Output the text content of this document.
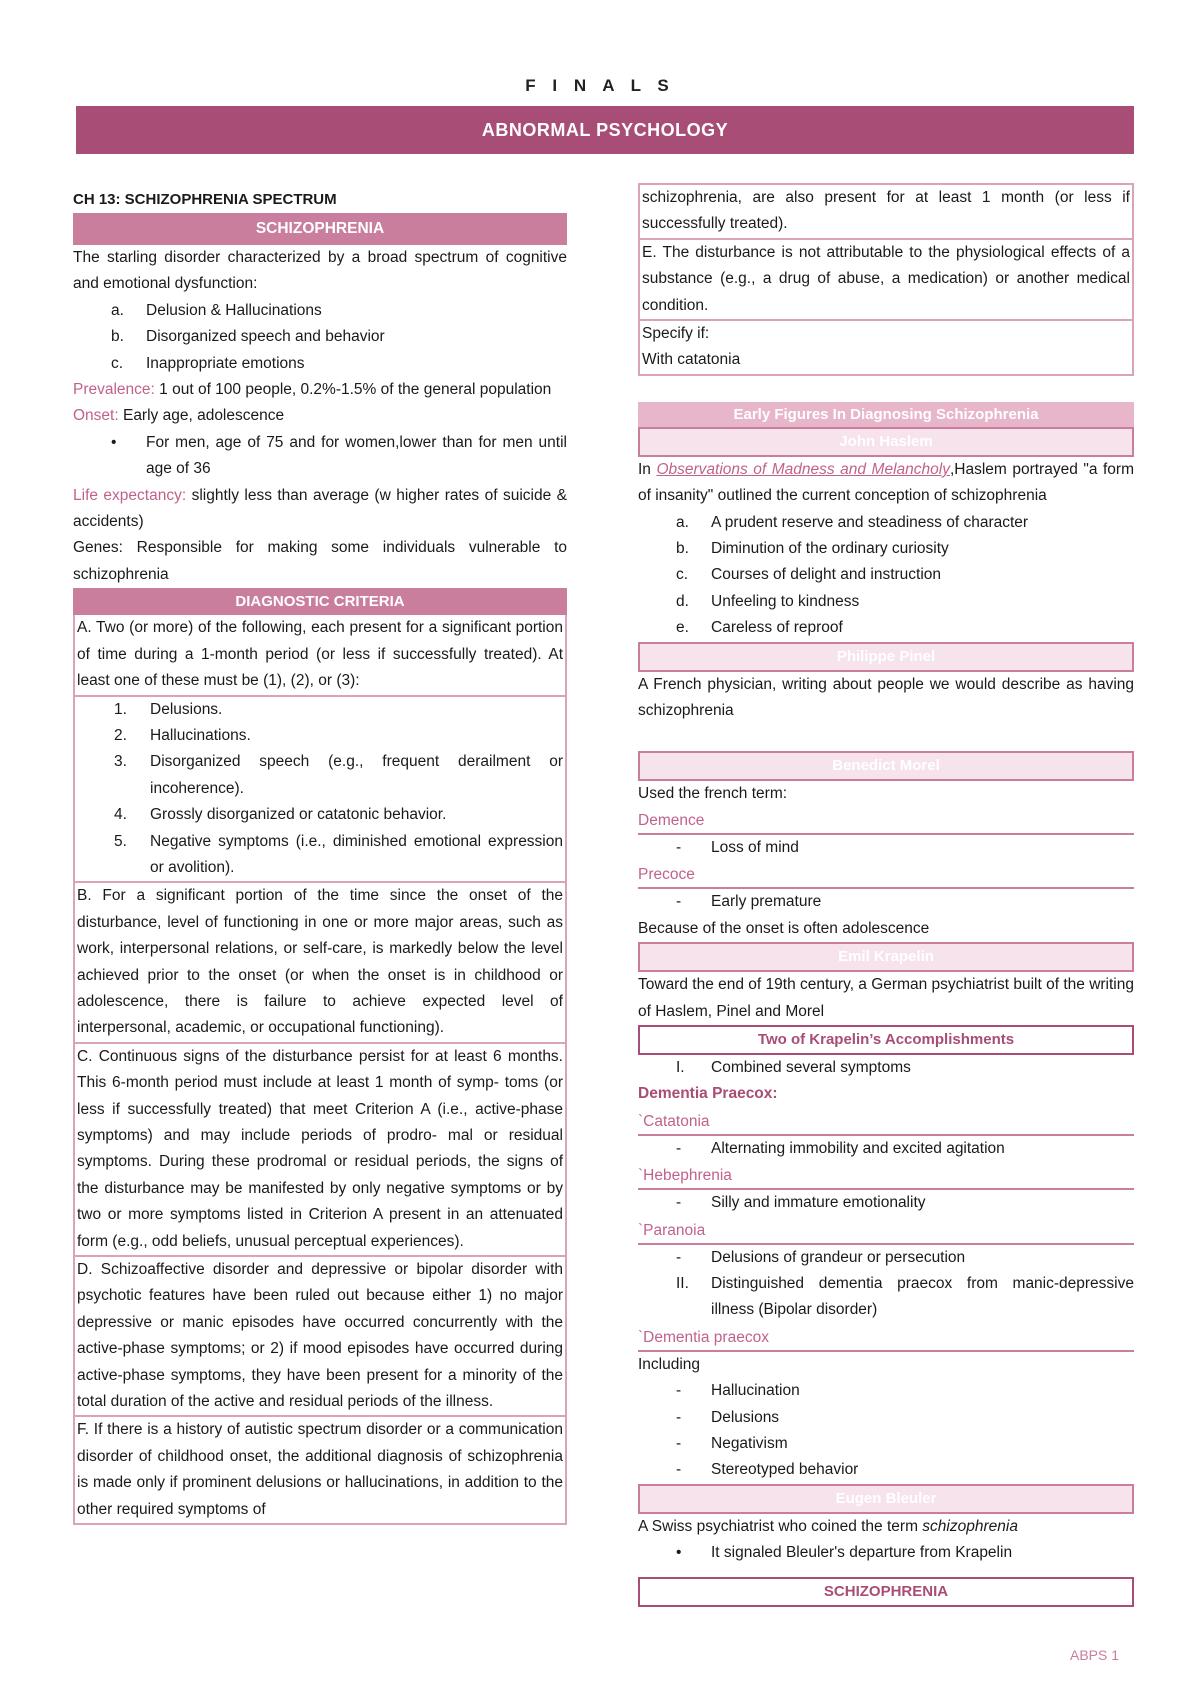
F I N A L S
ABNORMAL PSYCHOLOGY
CH 13: SCHIZOPHRENIA SPECTRUM
SCHIZOPHRENIA
The starling disorder characterized by a broad spectrum of cognitive and emotional dysfunction:
a. Delusion & Hallucinations
b. Disorganized speech and behavior
c. Inappropriate emotions
Prevalence: 1 out of 100 people, 0.2%-1.5% of the general population
Onset: Early age, adolescence
• For men, age of 75 and for women,lower than for men until age of 36
Life expectancy: slightly less than average (w higher rates of suicide & accidents)
Genes: Responsible for making some individuals vulnerable to schizophrenia
DIAGNOSTIC CRITERIA
A. Two (or more) of the following, each present for a significant portion of time during a 1-month period (or less if successfully treated). At least one of these must be (1), (2), or (3):
1. Delusions.
2. Hallucinations.
3. Disorganized speech (e.g., frequent derailment or incoherence).
4. Grossly disorganized or catatonic behavior.
5. Negative symptoms (i.e., diminished emotional expression or avolition).
B. For a significant portion of the time since the onset of the disturbance, level of functioning in one or more major areas, such as work, interpersonal relations, or self-care, is markedly below the level achieved prior to the onset (or when the onset is in childhood or adolescence, there is failure to achieve expected level of interpersonal, academic, or occupational functioning).
C. Continuous signs of the disturbance persist for at least 6 months. This 6-month period must include at least 1 month of symp- toms (or less if successfully treated) that meet Criterion A (i.e., active-phase symptoms) and may include periods of prodro- mal or residual symptoms. During these prodromal or residual periods, the signs of the disturbance may be manifested by only negative symptoms or by two or more symptoms listed in Criterion A present in an attenuated form (e.g., odd beliefs, unusual perceptual experiences).
D. Schizoaffective disorder and depressive or bipolar disorder with psychotic features have been ruled out because either 1) no major depressive or manic episodes have occurred concurrently with the active-phase symptoms; or 2) if mood episodes have occurred during active-phase symptoms, they have been present for a minority of the total duration of the active and residual periods of the illness.
F. If there is a history of autistic spectrum disorder or a communication disorder of childhood onset, the additional diagnosis of schizophrenia is made only if prominent delusions or hallucinations, in addition to the other required symptoms of
schizophrenia, are also present for at least 1 month (or less if successfully treated).
E. The disturbance is not attributable to the physiological effects of a substance (e.g., a drug of abuse, a medication) or another medical condition.
Specify if:
With catatonia
Early Figures In Diagnosing Schizophrenia
John Haslem
In Observations of Madness and Melancholy,Haslem portrayed "a form of insanity" outlined the current conception of schizophrenia
a. A prudent reserve and steadiness of character
b. Diminution of the ordinary curiosity
c. Courses of delight and instruction
d. Unfeeling to kindness
e. Careless of reproof
Philippe Pinel
A French physician, writing about people we would describe as having schizophrenia
Benedict Morel
Used the french term:
Demence
- Loss of mind
Precoce
- Early premature
Because of the onset is often adolescence
Emil Krapelin
Toward the end of 19th century, a German psychiatrist built of the writing of Haslem, Pinel and Morel
Two of Krapelin’s Accomplishments
I. Combined several symptoms
Dementia Praecox:
`Catatonia
- Alternating immobility and excited agitation
`Hebephrenia
- Silly and immature emotionality
`Paranoia
- Delusions of grandeur or persecution
II. Distinguished dementia praecox from manic-depressive illness (Bipolar disorder)
`Dementia praecox
Including
- Hallucination
- Delusions
- Negativism
- Stereotyped behavior
Eugen Bleuler
A Swiss psychiatrist who coined the term schizophrenia
• It signaled Bleuler's departure from Krapelin
SCHIZOPHRENIA
ABPS 1
